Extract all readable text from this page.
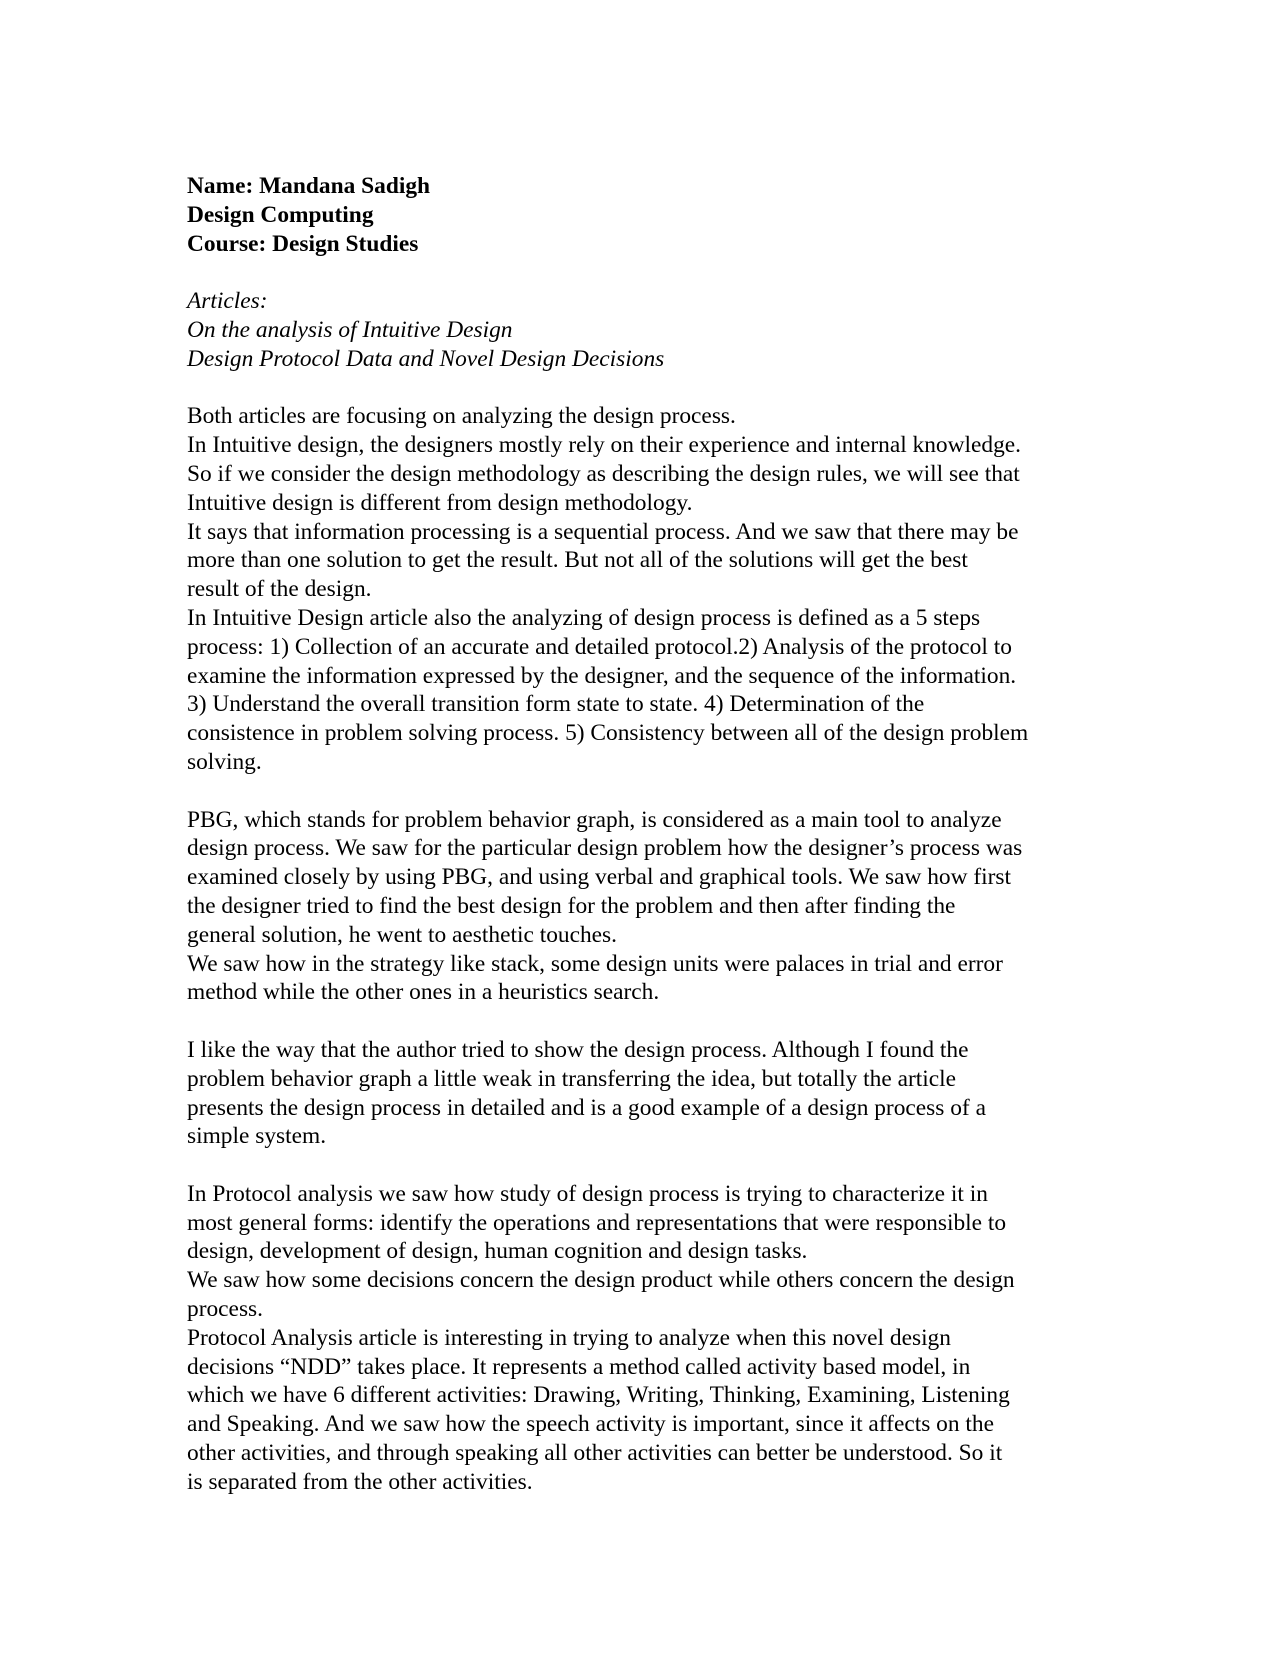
Name: Mandana Sadigh
Design Computing
Course: Design Studies
Articles:
On the analysis of Intuitive Design
Design Protocol Data and Novel Design Decisions

Both articles are focusing on analyzing the design process.

In Intuitive design, the designers mostly rely on their experience and internal knowledge.
So if we consider the design methodology as describing the design rules, we will see that
Intuitive design is different from design methodology.

It says that information processing is a sequential process. And we saw that there may be
more than one solution to get the result. But not all of the solutions will get the best
result of the design.

In Intuitive Design article also the analyzing of design process is defined as a 5 steps
process: 1) Collection of an accurate and detailed protocol.2) Analysis of the protocol to
examine the information expressed by the designer, and the sequence of the information.
3) Understand the overall transition form state to state. 4) Determination of the
consistence in problem solving process. 5) Consistency between all of the design problem
solving.

PBG, which stands for problem behavior graph, is considered as a main tool to analyze
design process. We saw for the particular design problem how the designer’s process was
examined closely by using PBG, and using verbal and graphical tools. We saw how first
the designer tried to find the best design for the problem and then after finding the
general solution, he went to aesthetic touches.

We saw how in the strategy like stack, some design units were palaces in trial and error
method while the other ones in a heuristics search.

I like the way that the author tried to show the design process. Although I found the
problem behavior graph a little weak in transferring the idea, but totally the article
presents the design process in detailed and is a good example of a design process of a
simple system.

In Protocol analysis we saw how study of design process is trying to characterize it in
most general forms: identify the operations and representations that were responsible to
design, development of design, human cognition and design tasks.

We saw how some decisions concern the design product while others concern the design
process.

Protocol Analysis article is interesting in trying to analyze when this novel design
decisions “NDD” takes place. It represents a method called activity based model, in
which we have 6 different activities: Drawing, Writing, Thinking, Examining, Listening
and Speaking. And we saw how the speech activity is important, since it affects on the
other activities, and through speaking all other activities can better be understood. So it
is separated from the other activities.
